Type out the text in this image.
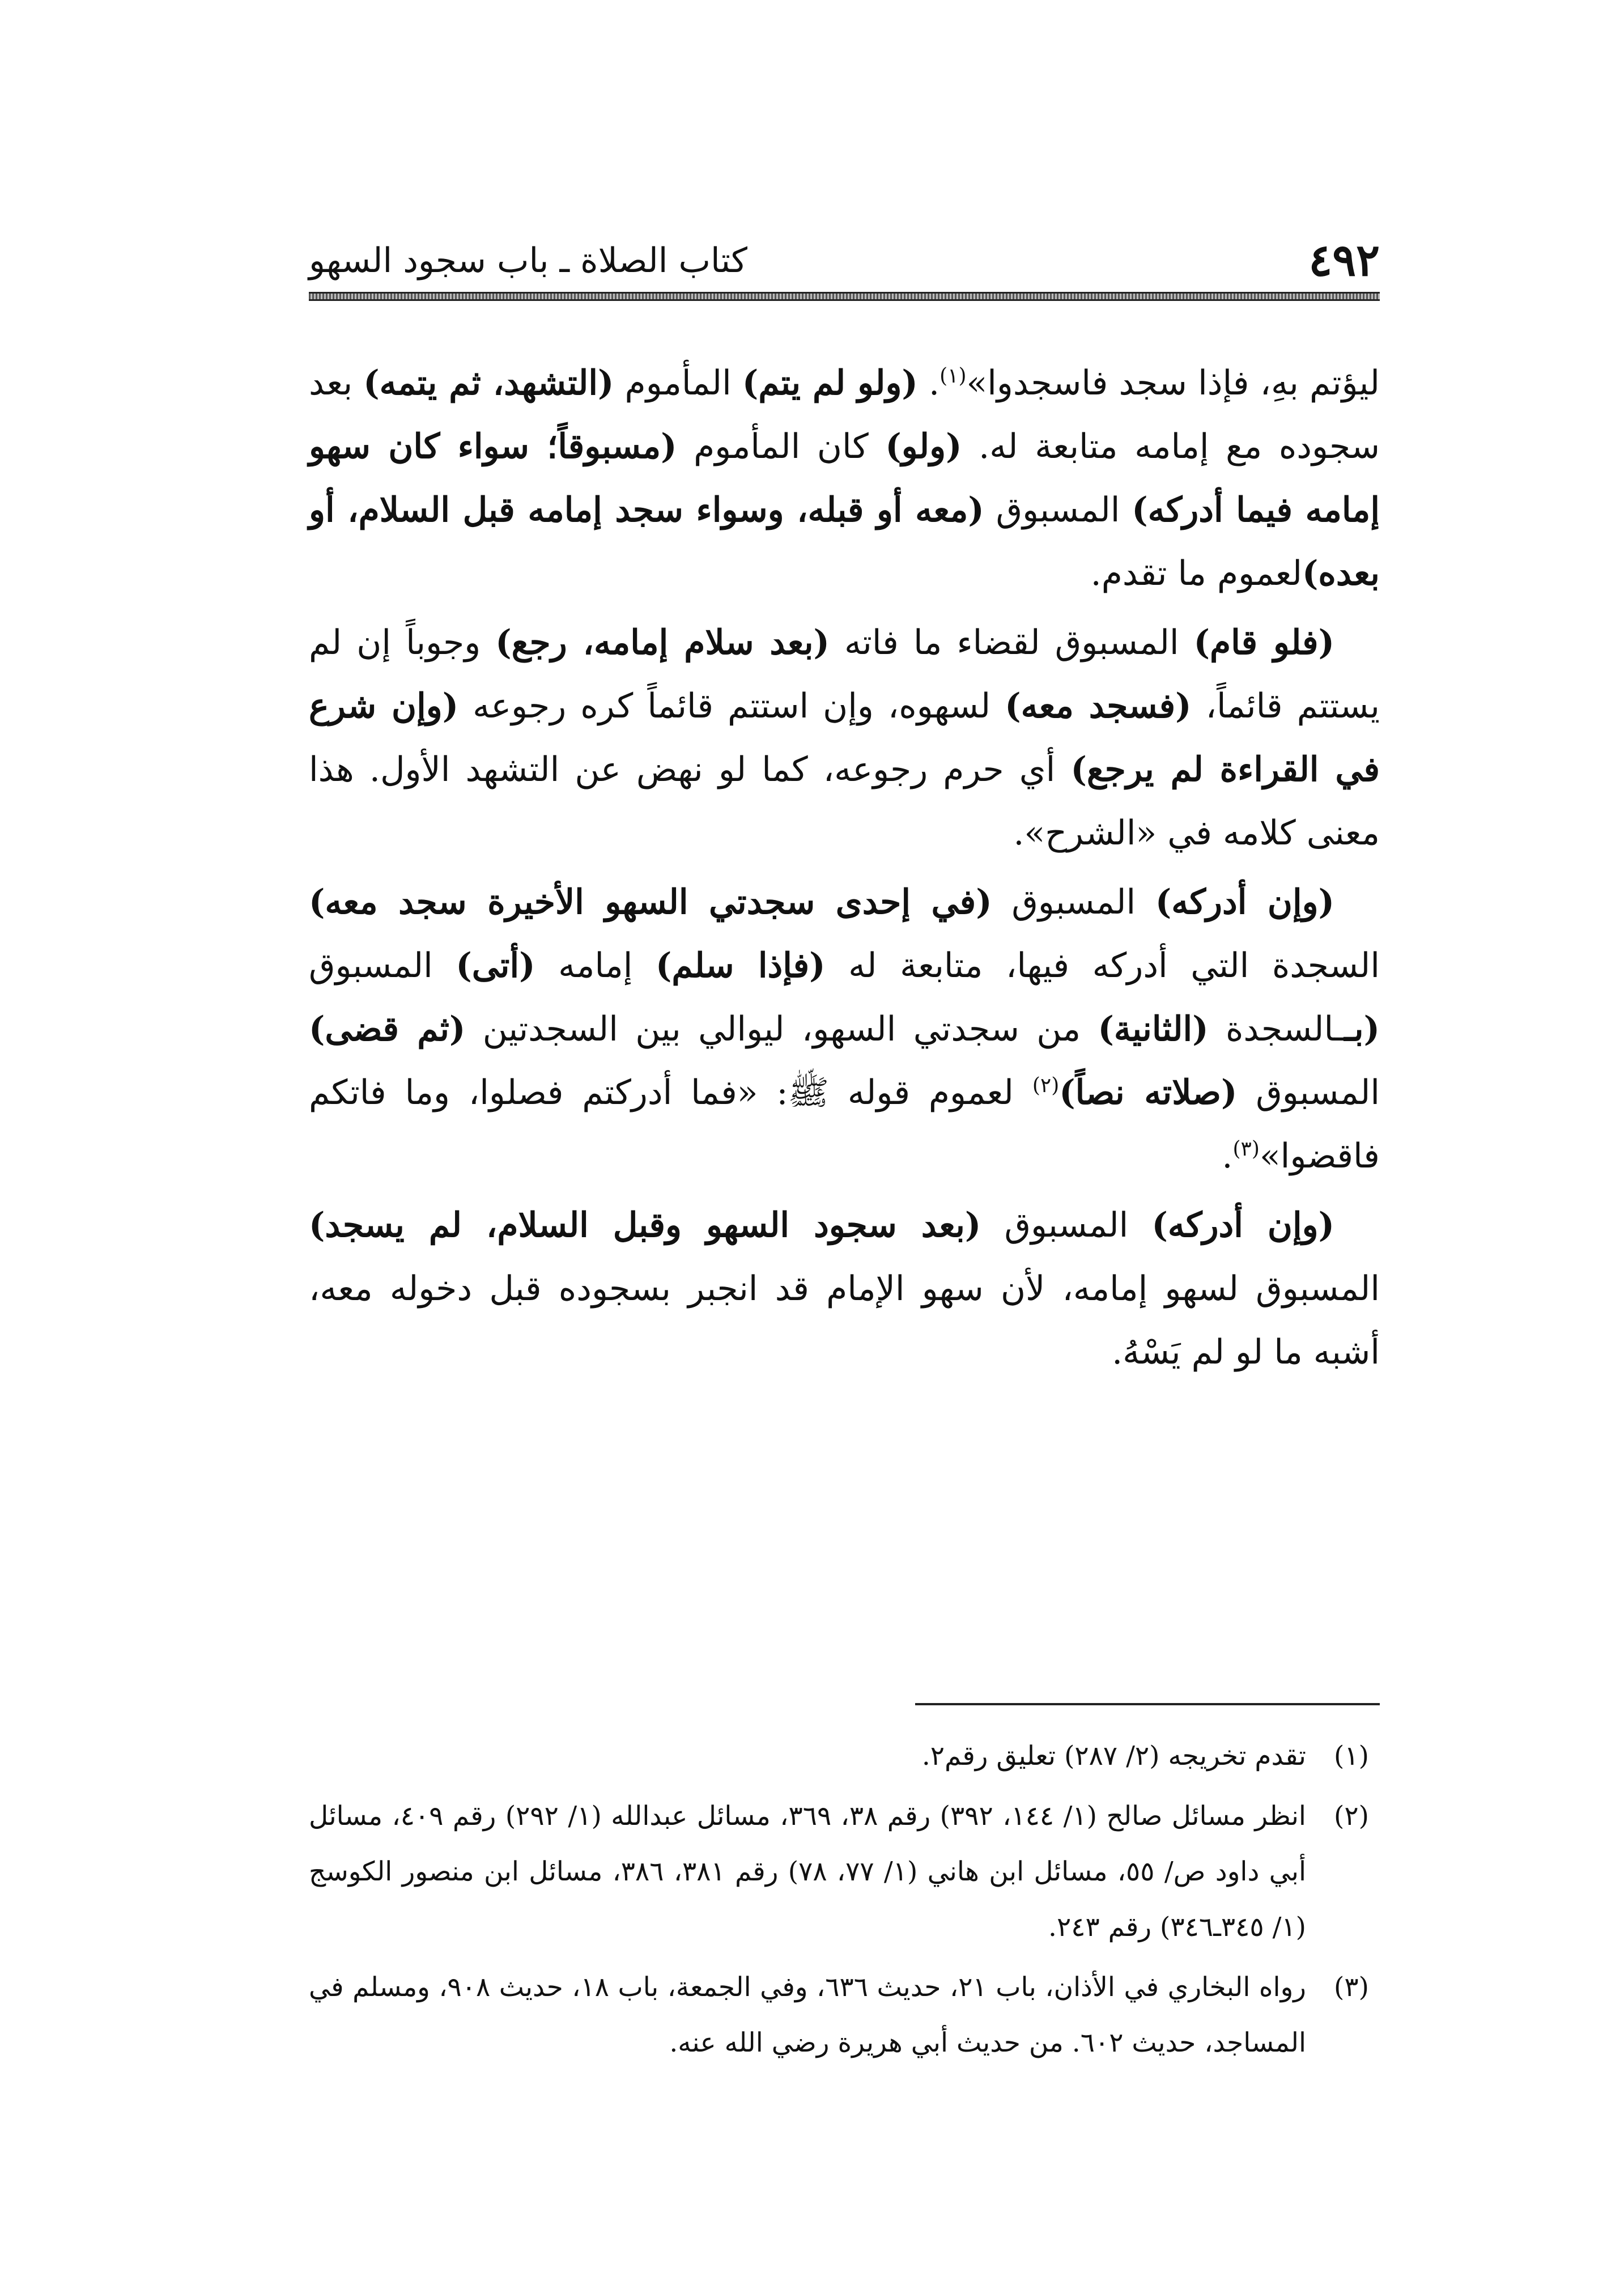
٤٩٢
كتاب الصلاة ـ باب سجود السهو

ليؤتم بهِ، فإذا سجد فاسجدوا»$^{(١)}$. (ولو لم يتم) المأموم (التشهد، ثم يتمه) بعد سجوده مع إمامه متابعة له. (ولو) كان المأموم (مسبوقاً؛ سواء كان سهو إمامه فيما أدركه) المسبوق (معه أو قبله، وسواء سجد إمامه قبل السلام، أو بعده)لعموم ما تقدم.

(فلو قام) المسبوق لقضاء ما فاته (بعد سلام إمامه، رجع) وجوباً إن لم يستتم قائماً، (فسجد معه) لسهوه، وإن استتم قائماً كره رجوعه (وإن شرع في القراءة لم يرجع) أي حرم رجوعه، كما لو نهض عن التشهد الأول. هذا معنى كلامه في «الشرح».

(وإن أدركه) المسبوق (في إحدى سجدتي السهو الأخيرة سجد معه) السجدة التي أدركه فيها، متابعة له (فإذا سلم) إمامه (أتى) المسبوق (بــالسجدة (الثانية) من سجدتي السهو، ليوالي بين السجدتين (ثم قضى) المسبوق (صلاته نصاً)$^{(٢)}$ لعموم قوله ﷺ: «فما أدركتم فصلوا، وما فاتكم فاقضوا»$^{(٣)}$.

(وإن أدركه) المسبوق (بعد سجود السهو وقبل السلام، لم يسجد) المسبوق لسهو إمامه، لأن سهو الإمام قد انجبر بسجوده قبل دخوله معه، أشبه ما لو لم يَسْهُ.

(١)
تقدم تخريجه (٢/ ٢٨٧) تعليق رقم٢.
(٢)
انظر مسائل صالح (١/ ١٤٤، ٣٩٢) رقم ٣٨، ٣٦٩، مسائل عبدالله (١/ ٢٩٢) رقم ٤٠٩، مسائل أبي داود ص/ ٥٥، مسائل ابن هاني (١/ ٧٧، ٧٨) رقم ٣٨١، ٣٨٦، مسائل ابن منصور الكوسج (١/ ٣٤٥ـ٣٤٦) رقم ٢٤٣.
(٣)
رواه البخاري في الأذان، باب ٢١، حديث ٦٣٦، وفي الجمعة، باب ١٨، حديث ٩٠٨، ومسلم في المساجد، حديث ٦٠٢. من حديث أبي هريرة رضي الله عنه.
